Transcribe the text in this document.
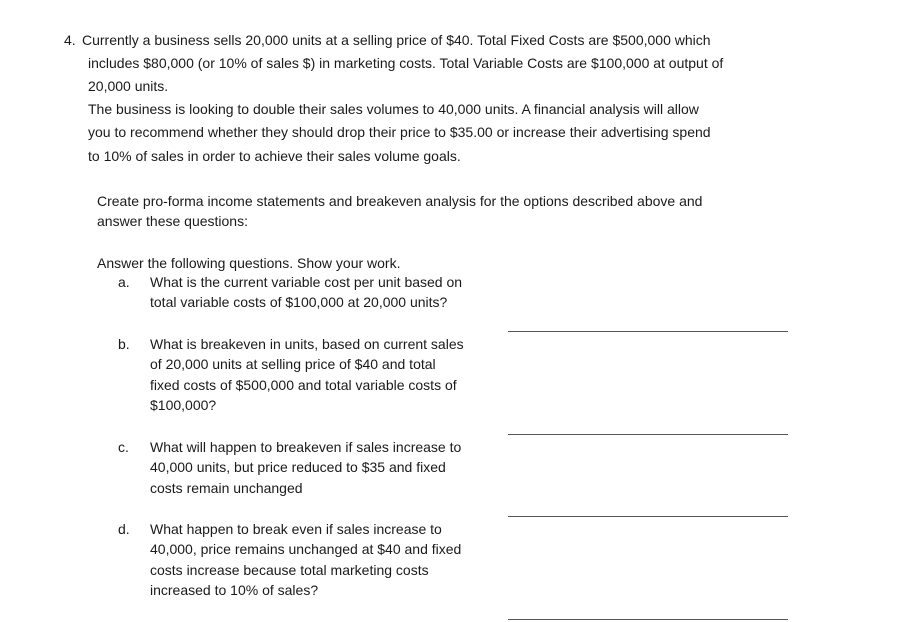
4. Currently a business sells 20,000 units at a selling price of $40. Total Fixed Costs are $500,000 which
includes $80,000 (or 10% of sales $) in marketing costs. Total Variable Costs are $100,000 at output of
20,000 units.
The business is looking to double their sales volumes to 40,000 units. A financial analysis will allow
you to recommend whether they should drop their price to $35.00 or increase their advertising spend
to 10% of sales in order to achieve their sales volume goals.
Create pro-forma income statements and breakeven analysis for the options described above and
answer these questions:
Answer the following questions. Show your work.
a. What is the current variable cost per unit based on
total variable costs of $100,000 at 20,000 units?
b. What is breakeven in units, based on current sales
of 20,000 units at selling price of $40 and total
fixed costs of $500,000 and total variable costs of
$100,000?
c. What will happen to breakeven if sales increase to
40,000 units, but price reduced to $35 and fixed
costs remain unchanged
d. What happen to break even if sales increase to
40,000, price remains unchanged at $40 and fixed
costs increase because total marketing costs
increased to 10% of sales?
